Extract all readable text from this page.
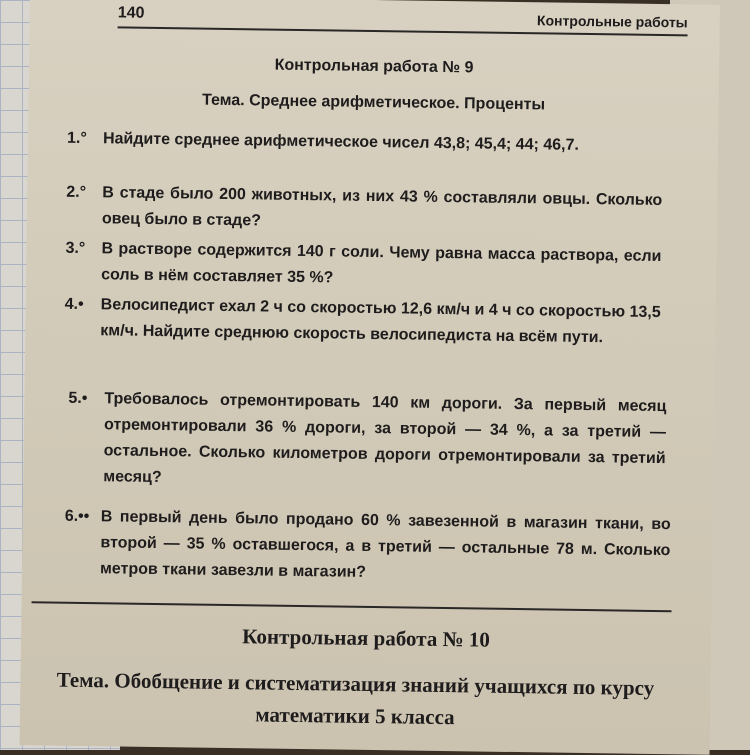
140	Контрольные работы
Контрольная работа № 9
Тема. Среднее арифметическое. Проценты
1.° Найдите среднее арифметическое чисел 43,8; 45,4; 44; 46,7.
2.° В стаде было 200 животных, из них 43 % составляли овцы. Сколько овец было в стаде?
3.° В растворе содержится 140 г соли. Чему равна масса раствора, если соль в нём составляет 35 %?
4.• Велосипедист ехал 2 ч со скоростью 12,6 км/ч и 4 ч со скоростью 13,5 км/ч. Найдите среднюю скорость велосипедиста на всём пути.
5.• Требовалось отремонтировать 140 км дороги. За первый месяц отремонтировали 36 % дороги, за второй — 34 %, а за третий — остальное. Сколько километров дороги отремонтировали за третий месяц?
6.•• В первый день было продано 60 % завезенной в магазин ткани, во второй — 35 % оставшегося, а в третий — остальные 78 м. Сколько метров ткани завезли в магазин?
Контрольная работа № 10
Тема. Обобщение и систематизация знаний учащихся по курсу математики 5 класса
